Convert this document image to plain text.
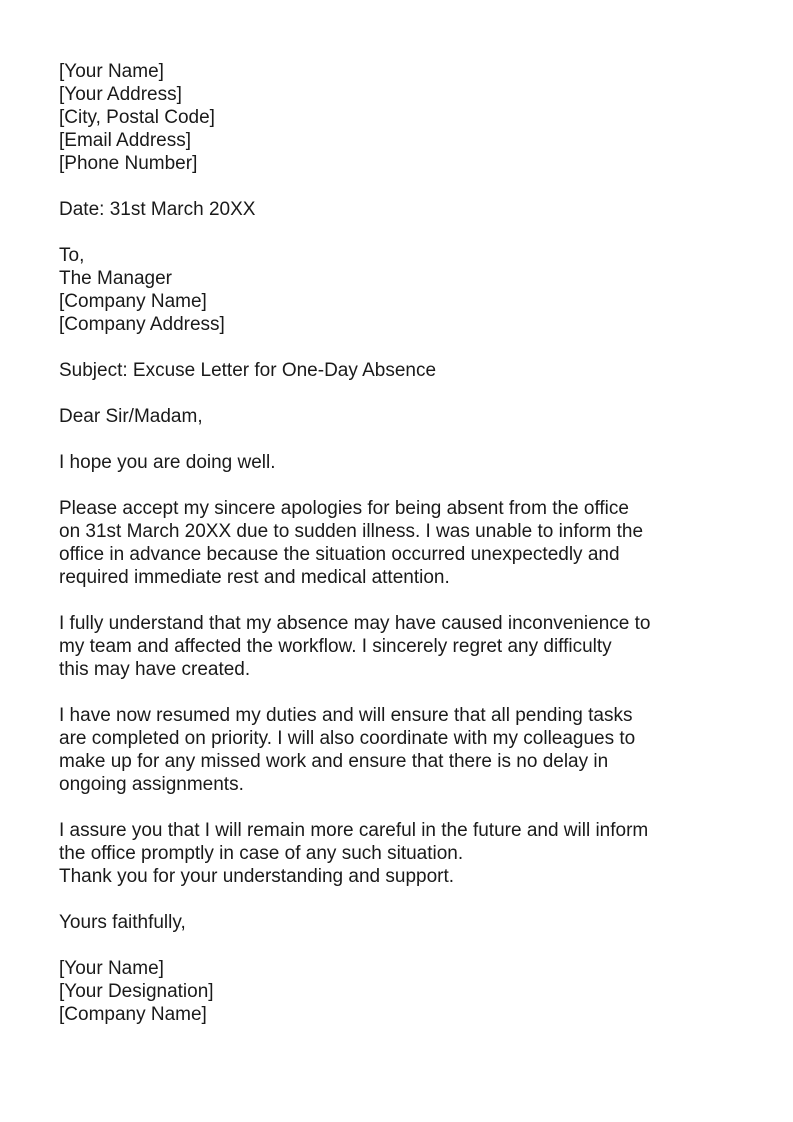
[Your Name]
[Your Address]
[City, Postal Code]
[Email Address]
[Phone Number]
Date: 31st March 20XX
To,
The Manager
[Company Name]
[Company Address]
Subject: Excuse Letter for One-Day Absence
Dear Sir/Madam,
I hope you are doing well.
Please accept my sincere apologies for being absent from the office
on 31st March 20XX due to sudden illness. I was unable to inform the
office in advance because the situation occurred unexpectedly and
required immediate rest and medical attention.
I fully understand that my absence may have caused inconvenience to
my team and affected the workflow. I sincerely regret any difficulty
this may have created.
I have now resumed my duties and will ensure that all pending tasks
are completed on priority. I will also coordinate with my colleagues to
make up for any missed work and ensure that there is no delay in
ongoing assignments.
I assure you that I will remain more careful in the future and will inform
the office promptly in case of any such situation.
Thank you for your understanding and support.
Yours faithfully,
[Your Name]
[Your Designation]
[Company Name]
